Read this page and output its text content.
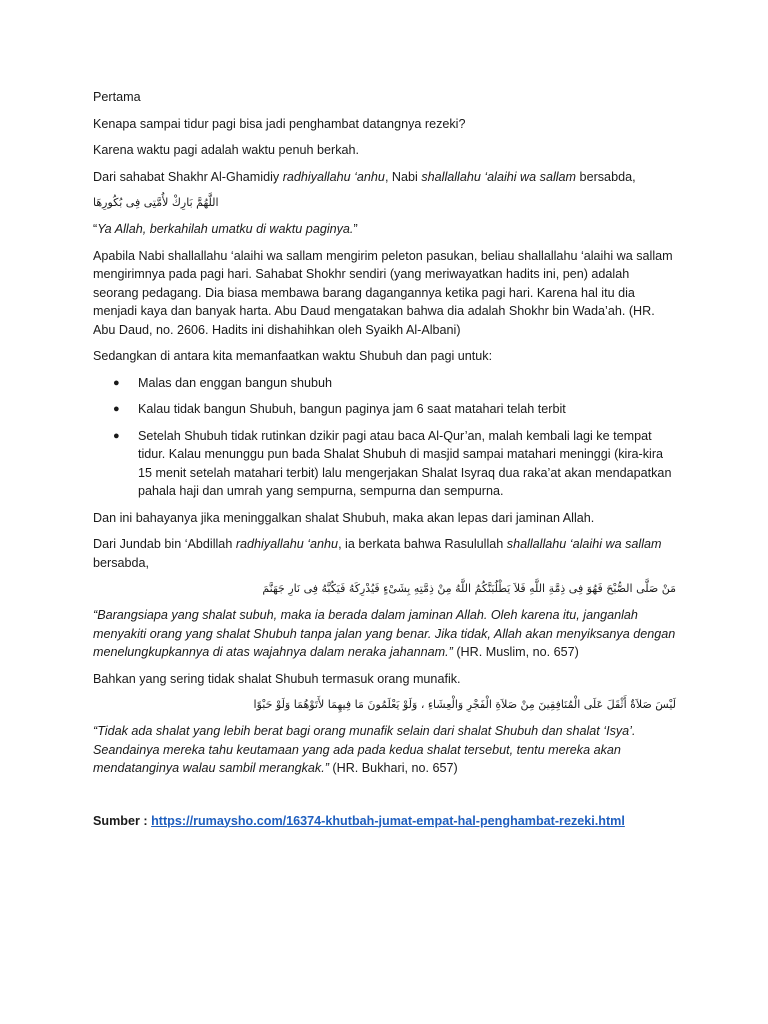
Pertama

Kenapa sampai tidur pagi bisa jadi penghambat datangnya rezeki?

Karena waktu pagi adalah waktu penuh berkah.

Dari sahabat Shakhr Al-Ghamidiy radhiyallahu ‘anhu, Nabi shallallahu ‘alaihi wa sallam bersabda,

اللَّهُمَّ بَارِكْ لأُمَّتِى فِى بُكُورِهَا

“Ya Allah, berkahilah umatku di waktu paginya.”

Apabila Nabi shallallahu ‘alaihi wa sallam mengirim peleton pasukan, beliau shallallahu ‘alaihi wa sallam mengirimnya pada pagi hari. Sahabat Shokhr sendiri (yang meriwayatkan hadits ini, pen) adalah seorang pedagang. Dia biasa membawa barang dagangannya ketika pagi hari. Karena hal itu dia menjadi kaya dan banyak harta. Abu Daud mengatakan bahwa dia adalah Shokhr bin Wada’ah. (HR. Abu Daud, no. 2606. Hadits ini dishahihkan oleh Syaikh Al-Albani)

Sedangkan di antara kita memanfaatkan waktu Shubuh dan pagi untuk:

● Malas dan enggan bangun shubuh
● Kalau tidak bangun Shubuh, bangun paginya jam 6 saat matahari telah terbit
● Setelah Shubuh tidak rutinkan dzikir pagi atau baca Al-Qur’an, malah kembali lagi ke tempat tidur. Kalau menunggu pun bada Shalat Shubuh di masjid sampai matahari meninggi (kira-kira 15 menit setelah matahari terbit) lalu mengerjakan Shalat Isyraq dua raka’at akan mendapatkan pahala haji dan umrah yang sempurna, sempurna dan sempurna.

Dan ini bahayanya jika meninggalkan shalat Shubuh, maka akan lepas dari jaminan Allah.

Dari Jundab bin ‘Abdillah radhiyallahu ‘anhu, ia berkata bahwa Rasulullah shallallahu ‘alaihi wa sallam bersabda,

مَنْ صَلَّى الصُّبْحَ فَهُوَ فِى ذِمَّةِ اللَّهِ فَلاَ يَطْلُبَنَّكُمُ اللَّهُ مِنْ ذِمَّتِهِ بِشَىْءٍ فَيُدْرِكَهُ فَيَكُبَّهُ فِى نَارِ جَهَنَّمَ

“Barangsiapa yang shalat subuh, maka ia berada dalam jaminan Allah. Oleh karena itu, janganlah menyakiti orang yang shalat Shubuh tanpa jalan yang benar. Jika tidak, Allah akan menyiksanya dengan menelungkupkannya di atas wajahnya dalam neraka jahannam.” (HR. Muslim, no. 657)

Bahkan yang sering tidak shalat Shubuh termasuk orang munafik.

لَيْسَ صَلاَةٌ أَثْقَلَ عَلَى الْمُنَافِقِينَ مِنْ صَلاَةِ الْفَجْرِ وَالْعِشَاءِ ، وَلَوْ يَعْلَمُونَ مَا فِيهِمَا لأَتَوْهُمَا وَلَوْ حَبْوًا

“Tidak ada shalat yang lebih berat bagi orang munafik selain dari shalat Shubuh dan shalat ‘Isya’. Seandainya mereka tahu keutamaan yang ada pada kedua shalat tersebut, tentu mereka akan mendatanginya walau sambil merangkak.” (HR. Bukhari, no. 657)

Sumber : https://rumaysho.com/16374-khutbah-jumat-empat-hal-penghambat-rezeki.html
